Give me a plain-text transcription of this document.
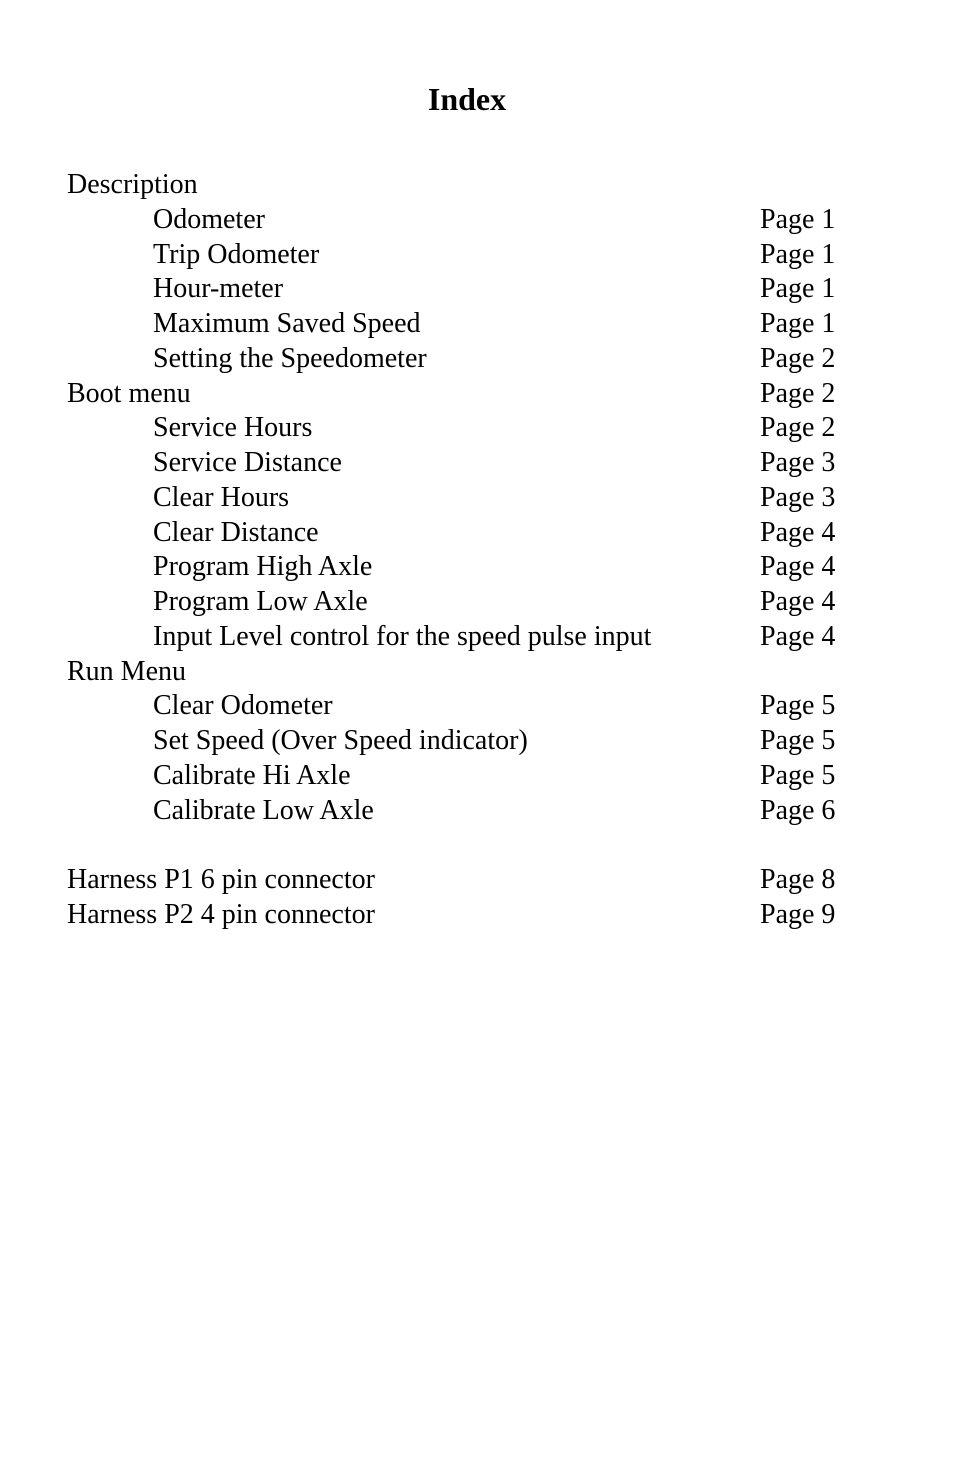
Index
Description
Odometer	Page 1
Trip Odometer	Page 1
Hour-meter	Page 1
Maximum Saved Speed	Page 1
Setting the Speedometer	Page 2
Boot menu	Page 2
Service Hours	Page 2
Service Distance	Page 3
Clear Hours	Page 3
Clear Distance	Page 4
Program High Axle	Page 4
Program Low Axle	Page 4
Input Level control for the speed pulse input	Page 4
Run Menu
Clear Odometer	Page 5
Set Speed (Over Speed indicator)	Page 5
Calibrate Hi Axle	Page 5
Calibrate Low Axle	Page 6
Harness P1 6 pin connector	Page 8
Harness P2 4 pin connector	Page 9
